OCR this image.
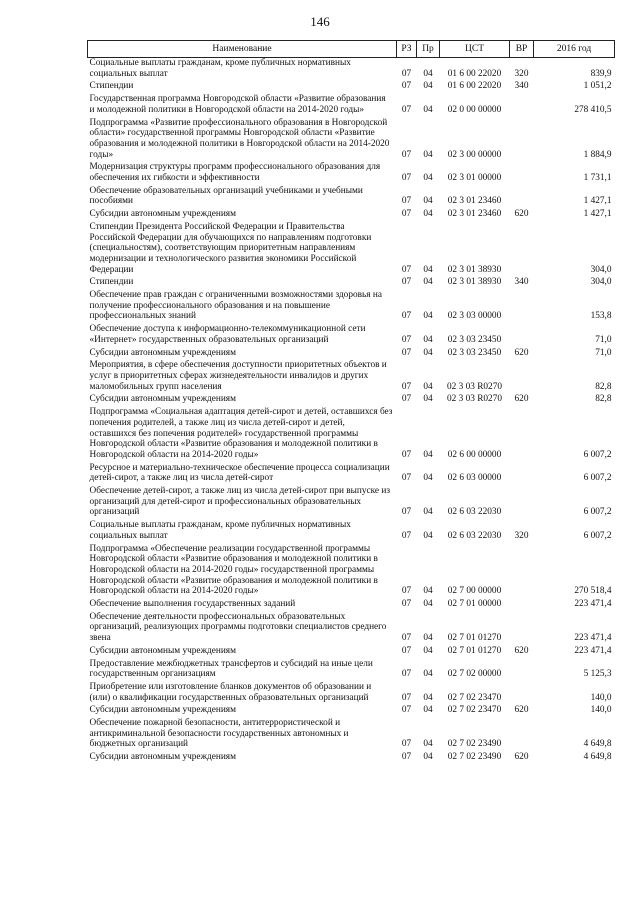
146
Наименование	РЗ	Пр	ЦСТ	ВР	2016 год
Социальные выплаты гражданам, кроме публичных нормативных социальных выплат	07	04	01 6 00 22020	320	839,9
Стипендии	07	04	01 6 00 22020	340	1 051,2
Государственная программа Новгородской области «Развитие образования и молодежной политики в Новгородской области на 2014-2020 годы»	07	04	02 0 00 00000		278 410,5
Подпрограмма «Развитие профессионального образования в Новгородской области» государственной программы Новгородской области «Развитие образования и молодежной политики в Новгородской области на 2014-2020 годы»	07	04	02 3 00 00000		1 884,9
Модернизация структуры программ профессионального образования для обеспечения их гибкости и эффективности	07	04	02 3 01 00000		1 731,1
Обеспечение образовательных организаций учебниками и учебными пособиями	07	04	02 3 01 23460		1 427,1
Субсидии автономным учреждениям	07	04	02 3 01 23460	620	1 427,1
Стипендии Президента Российской Федерации и Правительства Российской Федерации для обучающихся по направлениям подготовки (специальностям), соответствующим приоритетным направлениям модернизации и технологического развития экономики Российской Федерации	07	04	02 3 01 38930		304,0
Стипендии	07	04	02 3 01 38930	340	304,0
Обеспечение прав граждан с ограниченными возможностями здоровья на получение профессионального образования и на повышение профессиональных знаний	07	04	02 3 03 00000		153,8
Обеспечение доступа к информационно-телекоммуникационной сети «Интернет» государственных образовательных организаций	07	04	02 3 03 23450		71,0
Субсидии автономным учреждениям	07	04	02 3 03 23450	620	71,0
Мероприятия, в сфере обеспечения доступности приоритетных объектов и услуг в приоритетных сферах жизнедеятельности инвалидов и других маломобильных групп населения	07	04	02 3 03 R0270		82,8
Субсидии автономным учреждениям	07	04	02 3 03 R0270	620	82,8
Подпрограмма «Социальная адаптация детей-сирот и детей, оставшихся без попечения родителей, а также лиц из числа детей-сирот и детей, оставшихся без попечения родителей» государственной программы Новгородской области «Развитие образования и молодежной политики в Новгородской области на 2014-2020 годы»	07	04	02 6 00 00000		6 007,2
Ресурсное и материально-техническое обеспечение процесса социализации детей-сирот, а также лиц из числа детей-сирот	07	04	02 6 03 00000		6 007,2
Обеспечение детей-сирот, а также лиц из числа детей-сирот при выпуске из организаций для детей-сирот и профессиональных образовательных организаций	07	04	02 6 03 22030		6 007,2
Социальные выплаты гражданам, кроме публичных нормативных социальных выплат	07	04	02 6 03 22030	320	6 007,2
Подпрограмма «Обеспечение реализации государственной программы Новгородской области «Развитие образования и молодежной политики в Новгородской области на 2014-2020 годы» государственной программы Новгородской области «Развитие образования и молодежной политики в Новгородской области на 2014-2020 годы»	07	04	02 7 00 00000		270 518,4
Обеспечение выполнения государственных заданий	07	04	02 7 01 00000		223 471,4
Обеспечение деятельности профессиональных образовательных организаций, реализующих программы подготовки специалистов среднего звена	07	04	02 7 01 01270		223 471,4
Субсидии автономным учреждениям	07	04	02 7 01 01270	620	223 471,4
Предоставление межбюджетных трансфертов и субсидий на иные цели государственным организациям	07	04	02 7 02 00000		5 125,3
Приобретение или изготовление бланков документов об образовании и (или) о квалификации государственных образовательных организаций	07	04	02 7 02 23470		140,0
Субсидии автономным учреждениям	07	04	02 7 02 23470	620	140,0
Обеспечение пожарной безопасности, антитеррористической и антикриминальной безопасности государственных автономных и бюджетных организаций	07	04	02 7 02 23490		4 649,8
Субсидии автономным учреждениям	07	04	02 7 02 23490	620	4 649,8
